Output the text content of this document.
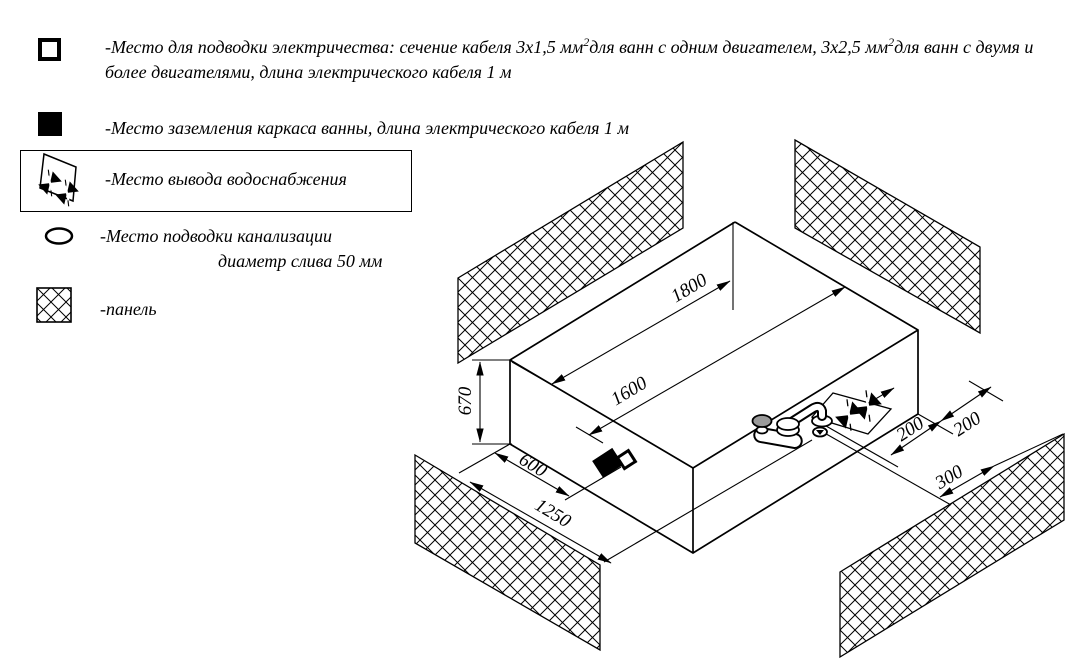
1800
1600
670
600
1250
200 200
300
-Место для подводки электричества: сечение кабеля 3х1,5 $мм^2для$ ванн с одним двигателем, 3х2,5 $мм^2для$ ванн с двумя и
более двигателями, длина электрического кабеля 1 м
-Место заземления каркаса ванны, длина электрического кабеля 1 м
-Место вывода водоснабжения
-Место подводки канализации
диаметр слива 50 мм
-панель
